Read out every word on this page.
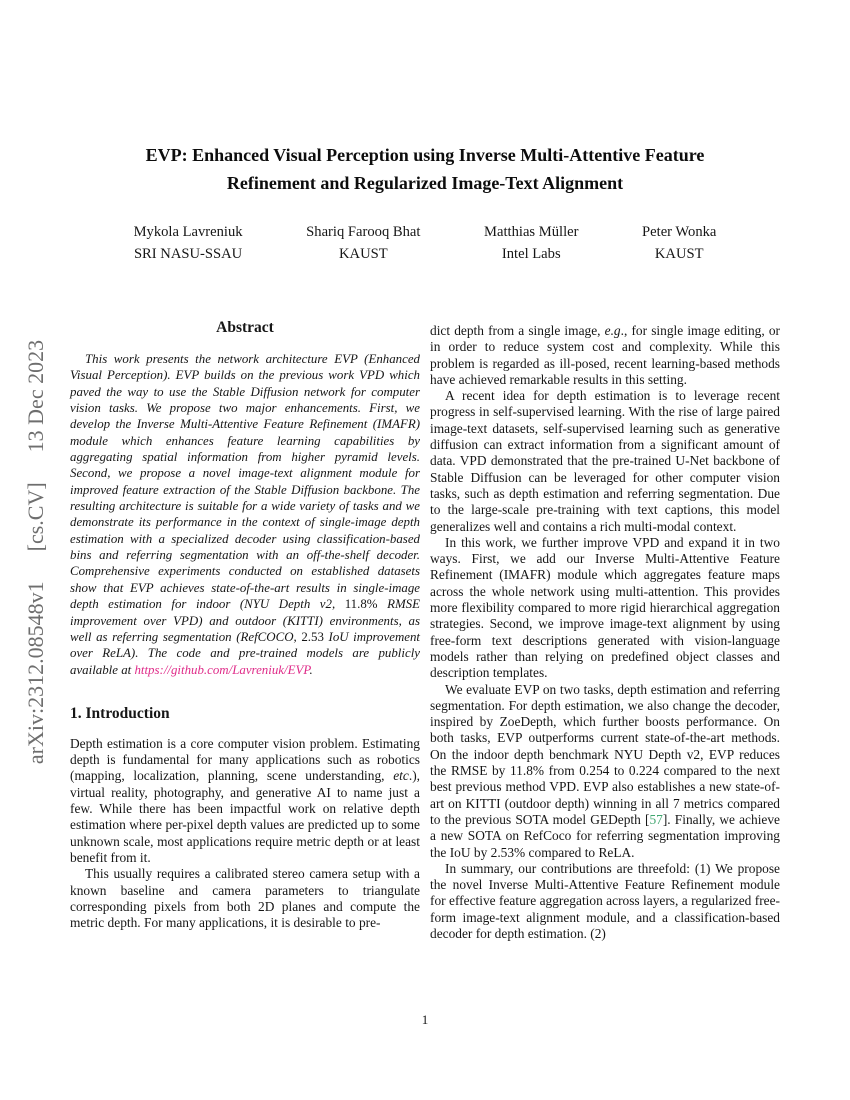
arXiv:2312.08548v1
[cs.CV]
13 Dec 2023
EVP: Enhanced Visual Perception using Inverse Multi-Attentive Feature
Refinement and Regularized Image-Text Alignment
Mykola Lavreniuk
SRI NASU-SSAU
Shariq Farooq Bhat
KAUST
Matthias Müller
Intel Labs
Peter Wonka
KAUST
Abstract

This work presents the network architecture EVP (Enhanced Visual Perception). EVP builds on the previous work VPD which paved the way to use the Stable Diffusion network for computer vision tasks. We propose two major enhancements. First, we develop the Inverse Multi-Attentive Feature Refinement (IMAFR) module which enhances feature learning capabilities by aggregating spatial information from higher pyramid levels. Second, we propose a novel image-text alignment module for improved feature extraction of the Stable Diffusion backbone. The resulting architecture is suitable for a wide variety of tasks and we demonstrate its performance in the context of single-image depth estimation with a specialized decoder using classification-based bins and referring segmentation with an off-the-shelf decoder. Comprehensive experiments conducted on established datasets show that EVP achieves state-of-the-art results in single-image depth estimation for indoor (NYU Depth v2, 11.8% RMSE improvement over VPD) and outdoor (KITTI) environments, as well as referring segmentation (RefCOCO, 2.53 IoU improvement over ReLA). The code and pre-trained models are publicly available at https://github.com/Lavreniuk/EVP.

1. Introduction

Depth estimation is a core computer vision problem. Estimating depth is fundamental for many applications such as robotics (mapping, localization, planning, scene understanding, etc.), virtual reality, photography, and generative AI to name just a few. While there has been impactful work on relative depth estimation where per-pixel depth values are predicted up to some unknown scale, most applications require metric depth or at least benefit from it.

This usually requires a calibrated stereo camera setup with a known baseline and camera parameters to triangulate corresponding pixels from both 2D planes and compute the metric depth. For many applications, it is desirable to pre-

dict depth from a single image, e.g., for single image editing, or in order to reduce system cost and complexity. While this problem is regarded as ill-posed, recent learning-based methods have achieved remarkable results in this setting.

A recent idea for depth estimation is to leverage recent progress in self-supervised learning. With the rise of large paired image-text datasets, self-supervised learning such as generative diffusion can extract information from a significant amount of data. VPD demonstrated that the pre-trained U-Net backbone of Stable Diffusion can be leveraged for other computer vision tasks, such as depth estimation and referring segmentation. Due to the large-scale pre-training with text captions, this model generalizes well and contains a rich multi-modal context.

In this work, we further improve VPD and expand it in two ways. First, we add our Inverse Multi-Attentive Feature Refinement (IMAFR) module which aggregates feature maps across the whole network using multi-attention. This provides more flexibility compared to more rigid hierarchical aggregation strategies. Second, we improve image-text alignment by using free-form text descriptions generated with vision-language models rather than relying on predefined object classes and description templates.

We evaluate EVP on two tasks, depth estimation and referring segmentation. For depth estimation, we also change the decoder, inspired by ZoeDepth, which further boosts performance. On both tasks, EVP outperforms current state-of-the-art methods. On the indoor depth benchmark NYU Depth v2, EVP reduces the RMSE by 11.8% from 0.254 to 0.224 compared to the next best previous method VPD. EVP also establishes a new state-of-art on KITTI (outdoor depth) winning in all 7 metrics compared to the previous SOTA model GEDepth [57]. Finally, we achieve a new SOTA on RefCoco for referring segmentation improving the IoU by 2.53% compared to ReLA.

In summary, our contributions are threefold: (1) We propose the novel Inverse Multi-Attentive Feature Refinement module for effective feature aggregation across layers, a regularized free-form image-text alignment module, and a classification-based decoder for depth estimation. (2)

1
